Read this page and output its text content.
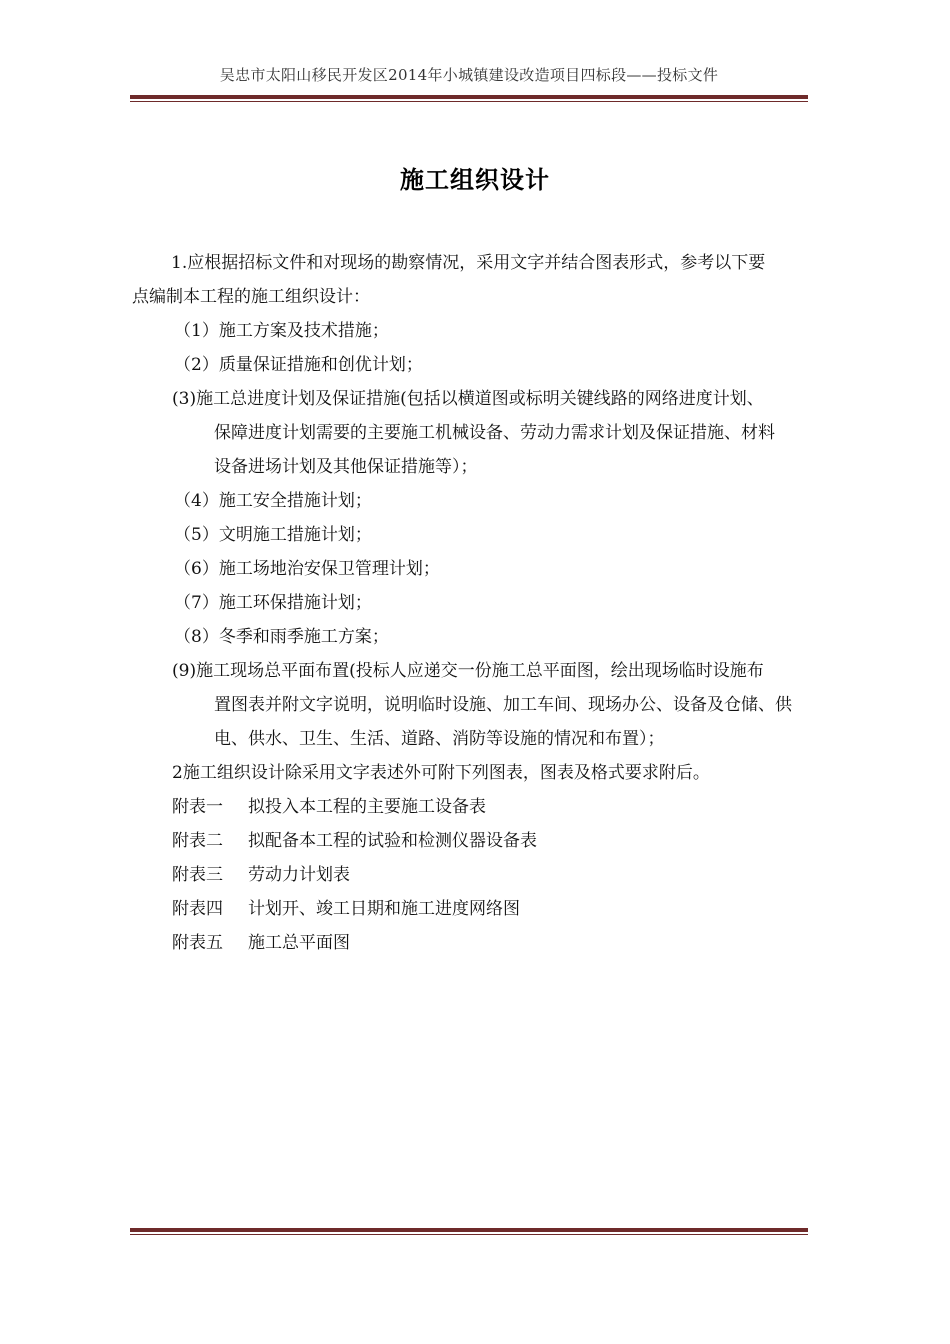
吴忠市太阳山移民开发区2014年小城镇建设改造项目四标段——投标文件
施工组织设计
1.应根据招标文件和对现场的勘察情况，采用文字并结合图表形式，参考以下要
点编制本工程的施工组织设计：
（1）施工方案及技术措施；
（2）质量保证措施和创优计划；
(3)施工总进度计划及保证措施(包括以横道图或标明关键线路的网络进度计划、
保障进度计划需要的主要施工机械设备、劳动力需求计划及保证措施、材料
设备进场计划及其他保证措施等）；
（4）施工安全措施计划；
（5）文明施工措施计划；
（6）施工场地治安保卫管理计划；
（7）施工环保措施计划；
（8）冬季和雨季施工方案；
(9)施工现场总平面布置(投标人应递交一份施工总平面图，绘出现场临时设施布
置图表并附文字说明，说明临时设施、加工车间、现场办公、设备及仓储、供
电、供水、卫生、生活、道路、消防等设施的情况和布置）；
2施工组织设计除采用文字表述外可附下列图表，图表及格式要求附后。
附表一 拟投入本工程的主要施工设备表
附表二 拟配备本工程的试验和检测仪器设备表
附表三 劳动力计划表
附表四 计划开、竣工日期和施工进度网络图
附表五 施工总平面图
